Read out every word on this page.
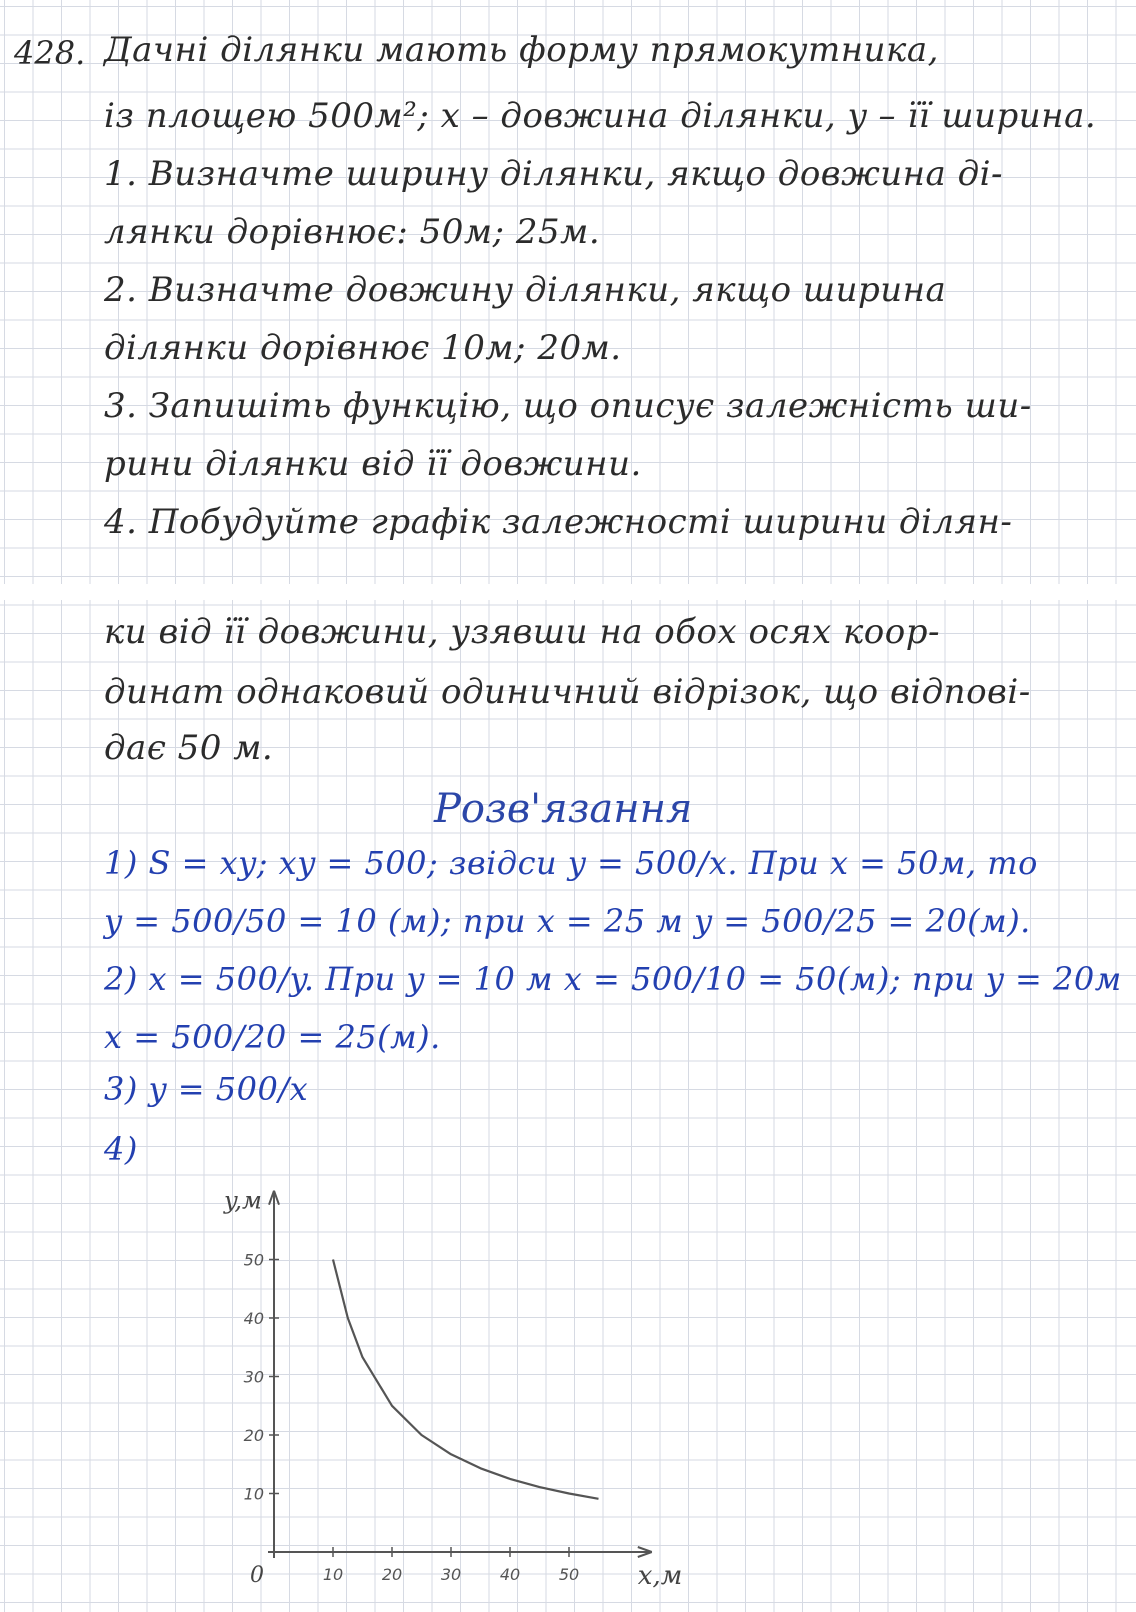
428. Дачні ділянки мають форму прямокутника,
із площею 500м²; x – довжина ділянки, y – її ширина.
1. Визначте ширину ділянки, якщо довжина ді-
лянки дорівнює: 50м; 25м.
2. Визначте довжину ділянки, якщо ширина
ділянки дорівнює 10м; 20м.
3. Запишіть функцію, що описує залежність ши-
рини ділянки від її довжини.
4. Побудуйте графік залежності ширини ділян-
ки від її довжини, узявши на обох осях коор-
динат однаковий одиничний відрізок, що відпові-
дає 50 м.
Розв'язання
1) S = xy; xy = 500; звідси y = 500/x. При x = 50м, то
y = 500/50 = 10 (м); при x = 25 м y = 500/25 = 20(м).
2) x = 500/y. При y = 10 м x = 500/10 = 50(м); при y = 20м
x = 500/20 = 25(м).
3) y = 500/x
4)
10 20 30 40 50
10
20
30
40
50
0	x,м
y,м
